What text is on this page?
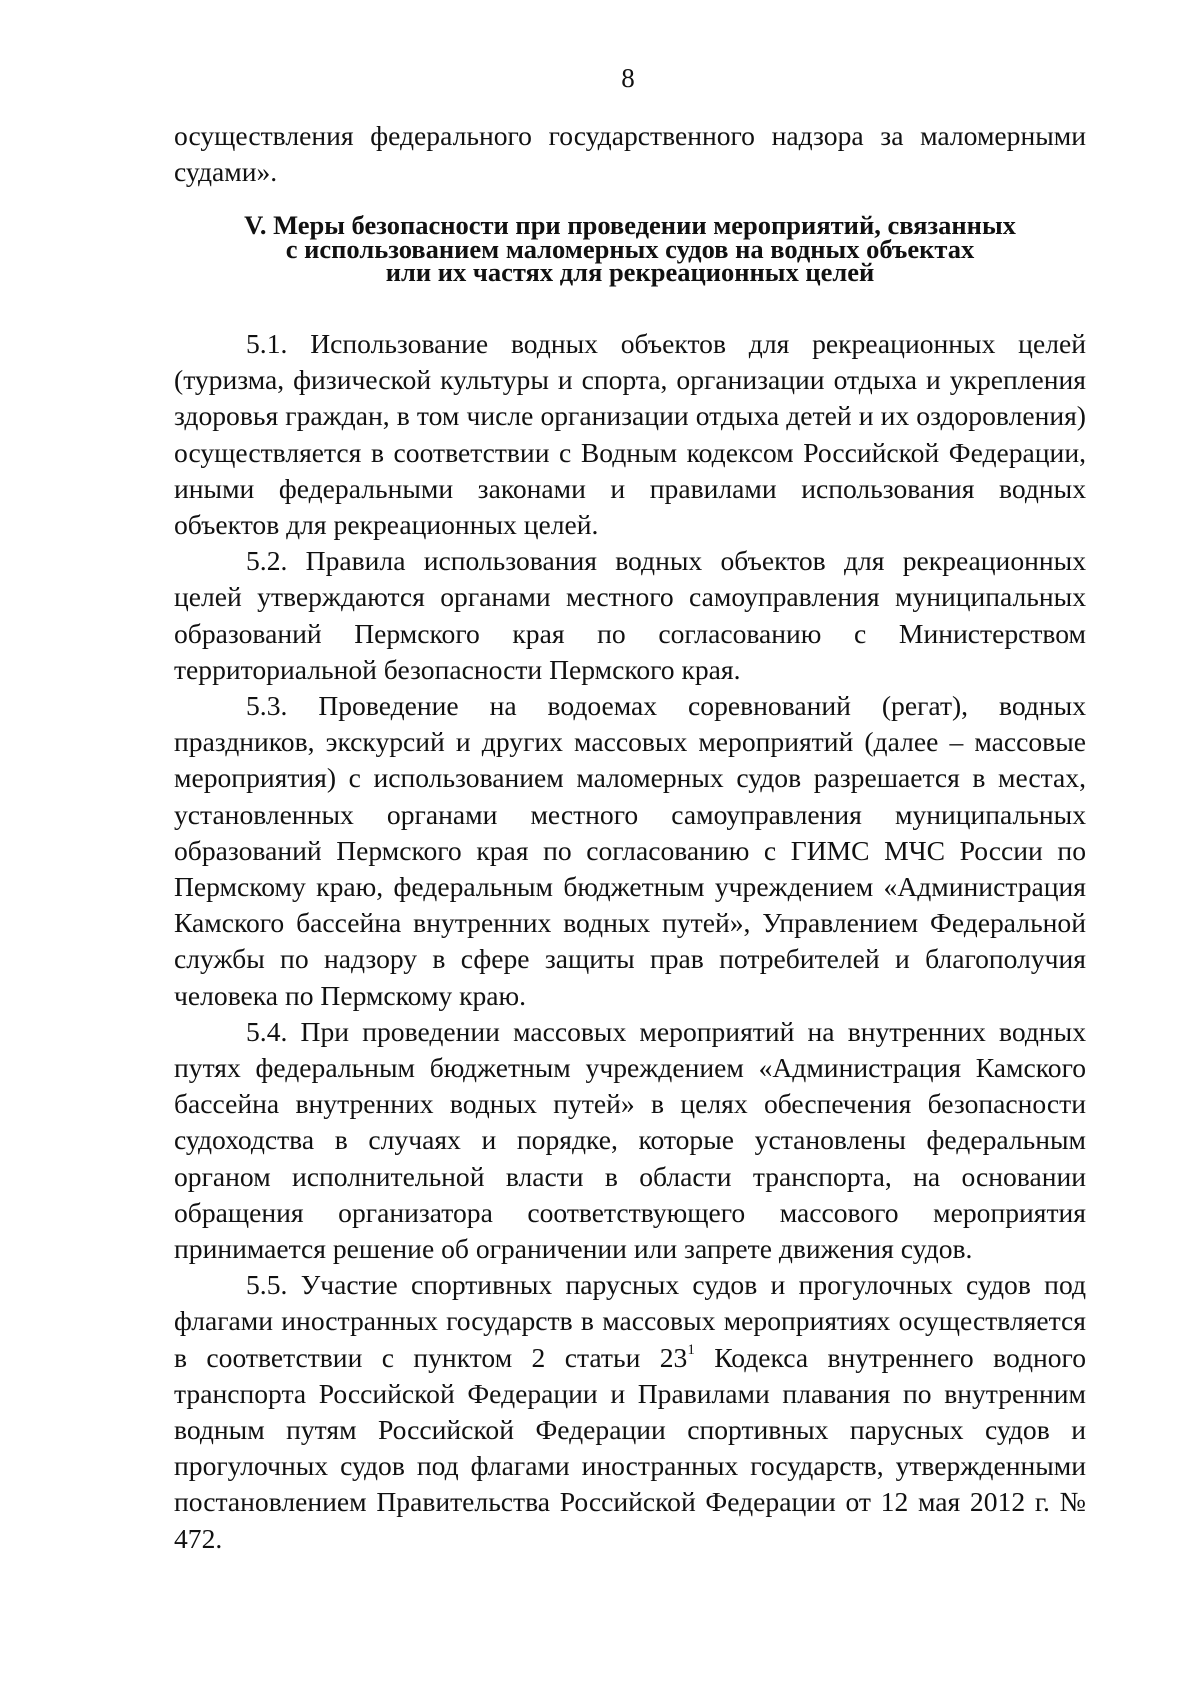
8

осуществления федерального государственного надзора за маломерными судами».

V. Меры безопасности при проведении мероприятий, связанных
с использованием маломерных судов на водных объектах
или их частях для рекреационных целей

5.1. Использование водных объектов для рекреационных целей (туризма, физической культуры и спорта, организации отдыха и укрепления здоровья граждан, в том числе организации отдыха детей и их оздоровления) осуществляется в соответствии с Водным кодексом Российской Федерации, иными федеральными законами и правилами использования водных объектов для рекреационных целей.

5.2. Правила использования водных объектов для рекреационных целей утверждаются органами местного самоуправления муниципальных образований Пермского края по согласованию с Министерством территориальной безопасности Пермского края.

5.3. Проведение на водоемах соревнований (регат), водных праздников, экскурсий и других массовых мероприятий (далее – массовые мероприятия) с использованием маломерных судов разрешается в местах, установленных органами местного самоуправления муниципальных образований Пермского края по согласованию с ГИМС МЧС России по Пермскому краю, федеральным бюджетным учреждением «Администрация Камского бассейна внутренних водных путей», Управлением Федеральной службы по надзору в сфере защиты прав потребителей и благополучия человека по Пермскому краю.

5.4. При проведении массовых мероприятий на внутренних водных путях федеральным бюджетным учреждением «Администрация Камского бассейна внутренних водных путей» в целях обеспечения безопасности судоходства в случаях и порядке, которые установлены федеральным органом исполнительной власти в области транспорта, на основании обращения организатора соответствующего массового мероприятия принимается решение об ограничении или запрете движения судов.

5.5. Участие спортивных парусных судов и прогулочных судов под флагами иностранных государств в массовых мероприятиях осуществляется в соответствии с пунктом 2 статьи $23^1$ Кодекса внутреннего водного транспорта Российской Федерации и Правилами плавания по внутренним водным путям Российской Федерации спортивных парусных судов и прогулочных судов под флагами иностранных государств, утвержденными постановлением Правительства Российской Федерации от 12 мая 2012 г. № 472.
